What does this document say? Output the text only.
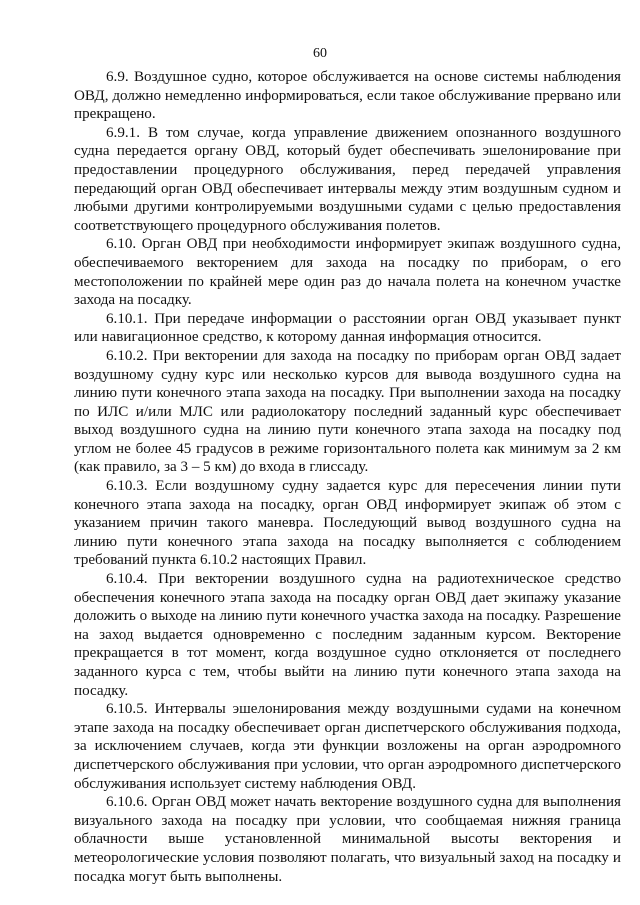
60

6.9. Воздушное судно, которое обслуживается на основе системы наблюдения ОВД, должно немедленно информироваться, если такое обслуживание прервано или прекращено.

6.9.1. В том случае, когда управление движением опознанного воздушного судна передается органу ОВД, который будет обеспечивать эшелонирование при предоставлении процедурного обслуживания, перед передачей управления передающий орган ОВД обеспечивает интервалы между этим воздушным судном и любыми другими контролируемыми воздушными судами с целью предоставления соответствующего процедурного обслуживания полетов.

6.10. Орган ОВД при необходимости информирует экипаж воздушного судна, обеспечиваемого векторением для захода на посадку по приборам, о его местоположении по крайней мере один раз до начала полета на конечном участке захода на посадку.

6.10.1. При передаче информации о расстоянии орган ОВД указывает пункт или навигационное средство, к которому данная информация относится.

6.10.2. При векторении для захода на посадку по приборам орган ОВД задает воздушному судну курс или несколько курсов для вывода воздушного судна на линию пути конечного этапа захода на посадку. При выполнении захода на посадку по ИЛС и/или МЛС или радиолокатору последний заданный курс обеспечивает выход воздушного судна на линию пути конечного этапа захода на посадку под углом не более 45 градусов в режиме горизонтального полета как минимум за 2 км (как правило, за 3 – 5 км) до входа в глиссаду.

6.10.3. Если воздушному судну задается курс для пересечения линии пути конечного этапа захода на посадку, орган ОВД информирует экипаж об этом с указанием причин такого маневра. Последующий вывод воздушного судна на линию пути конечного этапа захода на посадку выполняется с соблюдением требований пункта 6.10.2 настоящих Правил.

6.10.4. При векторении воздушного судна на радиотехническое средство обеспечения конечного этапа захода на посадку орган ОВД дает экипажу указание доложить о выходе на линию пути конечного участка захода на посадку. Разрешение на заход выдается одновременно с последним заданным курсом. Векторение прекращается в тот момент, когда воздушное судно отклоняется от последнего заданного курса с тем, чтобы выйти на линию пути конечного этапа захода на посадку.

6.10.5. Интервалы эшелонирования между воздушными судами на конечном этапе захода на посадку обеспечивает орган диспетчерского обслуживания подхода, за исключением случаев, когда эти функции возложены на орган аэродромного диспетчерского обслуживания при условии, что орган аэродромного диспетчерского обслуживания использует систему наблюдения ОВД.

6.10.6. Орган ОВД может начать векторение воздушного судна для выполнения визуального захода на посадку при условии, что сообщаемая нижняя граница облачности выше установленной минимальной высоты векторения и метеорологические условия позволяют полагать, что визуальный заход на посадку и посадка могут быть выполнены.
